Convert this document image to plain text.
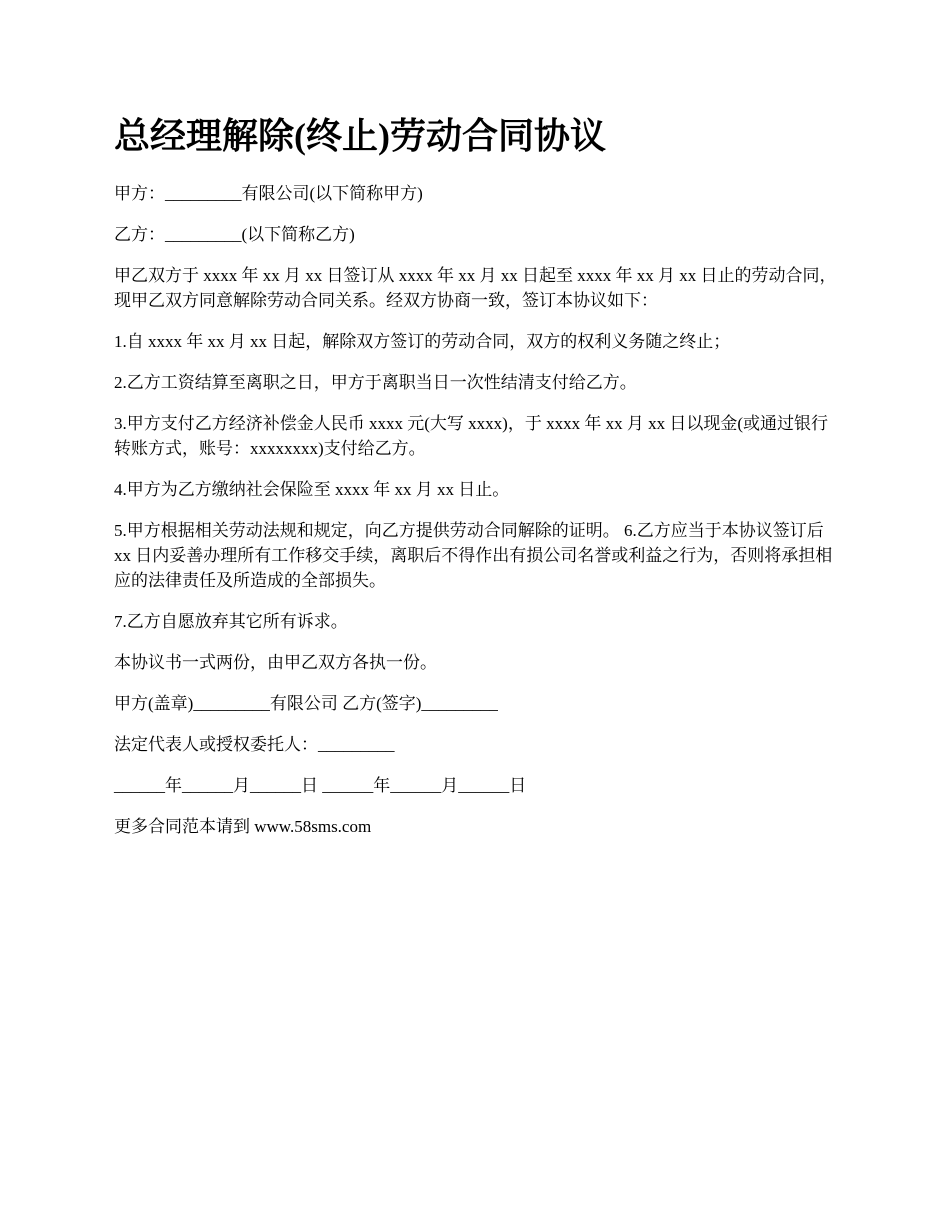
总经理解除(终止)劳动合同协议

甲方：_________有限公司(以下简称甲方)

乙方：_________(以下简称乙方)

甲乙双方于 xxxx 年 xx 月 xx 日签订从 xxxx 年 xx 月 xx 日起至 xxxx 年 xx 月 xx 日止的劳动合同，现甲乙双方同意解除劳动合同关系。经双方协商一致，签订本协议如下：

1.自 xxxx 年 xx 月 xx 日起，解除双方签订的劳动合同，双方的权利义务随之终止；

2.乙方工资结算至离职之日，甲方于离职当日一次性结清支付给乙方。

3.甲方支付乙方经济补偿金人民币 xxxx 元(大写 xxxx)，于 xxxx 年 xx 月 xx 日以现金(或通过银行转账方式，账号：xxxxxxxx)支付给乙方。

4.甲方为乙方缴纳社会保险至 xxxx 年 xx 月 xx 日止。

5.甲方根据相关劳动法规和规定，向乙方提供劳动合同解除的证明。 6.乙方应当于本协议签订后 xx 日内妥善办理所有工作移交手续，离职后不得作出有损公司名誉或利益之行为，否则将承担相应的法律责任及所造成的全部损失。

7.乙方自愿放弃其它所有诉求。

本协议书一式两份，由甲乙双方各执一份。

甲方(盖章)_________有限公司 乙方(签字)_________

法定代表人或授权委托人：_________

______年______月______日 ______年______月______日

更多合同范本请到 www.58sms.com
